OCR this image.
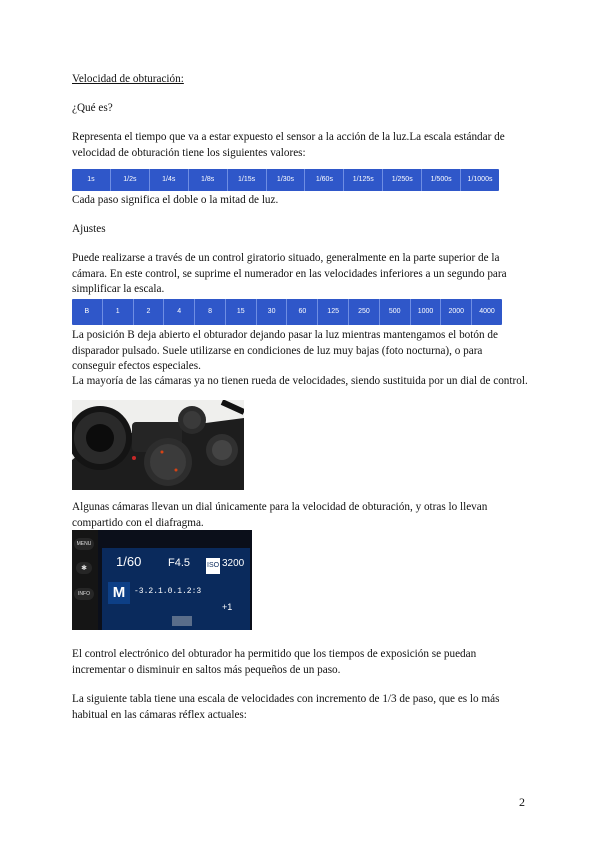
Velocidad de obturación:

¿Qué es?

Representa el tiempo que va a estar expuesto el sensor a la acción de la luz.La escala estándar de velocidad de obturación tiene los siguientes valores:

1s	1/2s	1/4s	1/8s	1/15s	1/30s	1/60s	1/125s	1/250s	1/500s	1/1000s

Cada paso significa el doble o la mitad de luz.

Ajustes

Puede realizarse a través de un control giratorio situado, generalmente en la parte superior de la cámara. En este control, se suprime el numerador en las velocidades inferiores a un segundo para simplificar la escala.

B	1	2	4	8	15	30	60	125	250	500	1000	2000	4000

La posición B deja abierto el obturador dejando pasar la luz mientras mantengamos el botón de disparador pulsado. Suele utilizarse en condiciones de luz muy bajas (foto nocturna), o para conseguir efectos especiales.

La mayoría de las cámaras ya no tienen rueda de velocidades, siendo sustituida por un dial de control.

Algunas cámaras llevan un dial únicamente para la velocidad de obturación, y otras lo llevan compartido con el diafragma.

MENU
✱
INFO
1/60 F4.5 ISO 3200
M	-3.2.1.0.1.2:3
+1

El control electrónico del obturador ha permitido que los tiempos de exposición se puedan incrementar o disminuir en saltos más pequeños de un paso.

La siguiente tabla tiene una escala de velocidades con incremento de 1/3 de paso, que es lo más habitual en las cámaras réflex actuales:

2
